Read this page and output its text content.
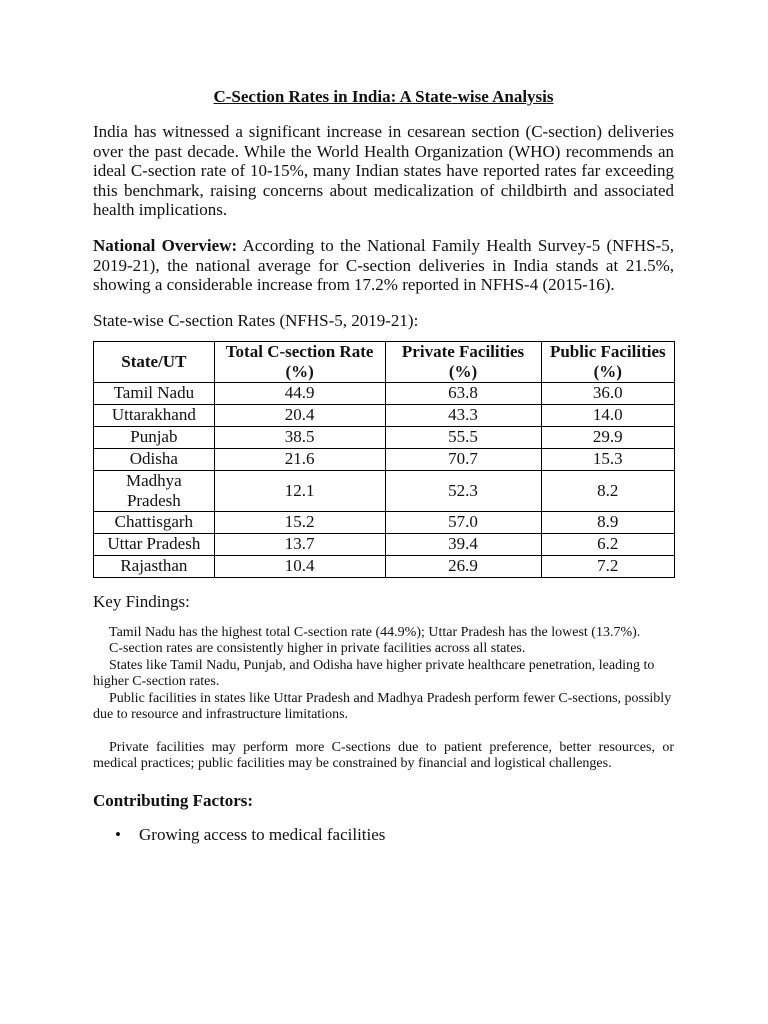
C-Section Rates in India: A State-wise Analysis

India has witnessed a significant increase in cesarean section (C-section) deliveries over the past decade. While the World Health Organization (WHO) recommends an ideal C-section rate of 10-15%, many Indian states have reported rates far exceeding this benchmark, raising concerns about medicalization of childbirth and associated health implications.

National Overview: According to the National Family Health Survey-5 (NFHS-5, 2019-21), the national average for C-section deliveries in India stands at 21.5%, showing a considerable increase from 17.2% reported in NFHS-4 (2015-16).

State-wise C-section Rates (NFHS-5, 2019-21):

State/UT	Total C-section Rate (%)	Private Facilities (%)	Public Facilities (%)
Tamil Nadu	44.9	63.8	36.0
Uttarakhand	20.4	43.3	14.0
Punjab	38.5	55.5	29.9
Odisha	21.6	70.7	15.3
Madhya Pradesh	12.1	52.3	8.2
Chattisgarh	15.2	57.0	8.9
Uttar Pradesh	13.7	39.4	6.2
Rajasthan	10.4	26.9	7.2

Key Findings:

Tamil Nadu has the highest total C-section rate (44.9%); Uttar Pradesh has the lowest (13.7%).

C-section rates are consistently higher in private facilities across all states.

States like Tamil Nadu, Punjab, and Odisha have higher private healthcare penetration, leading to higher C-section rates.

Public facilities in states like Uttar Pradesh and Madhya Pradesh perform fewer C-sections, possibly due to resource and infrastructure limitations.

Private facilities may perform more C-sections due to patient preference, better resources, or medical practices; public facilities may be constrained by financial and logistical challenges.

Contributing Factors:

• Growing access to medical facilities
